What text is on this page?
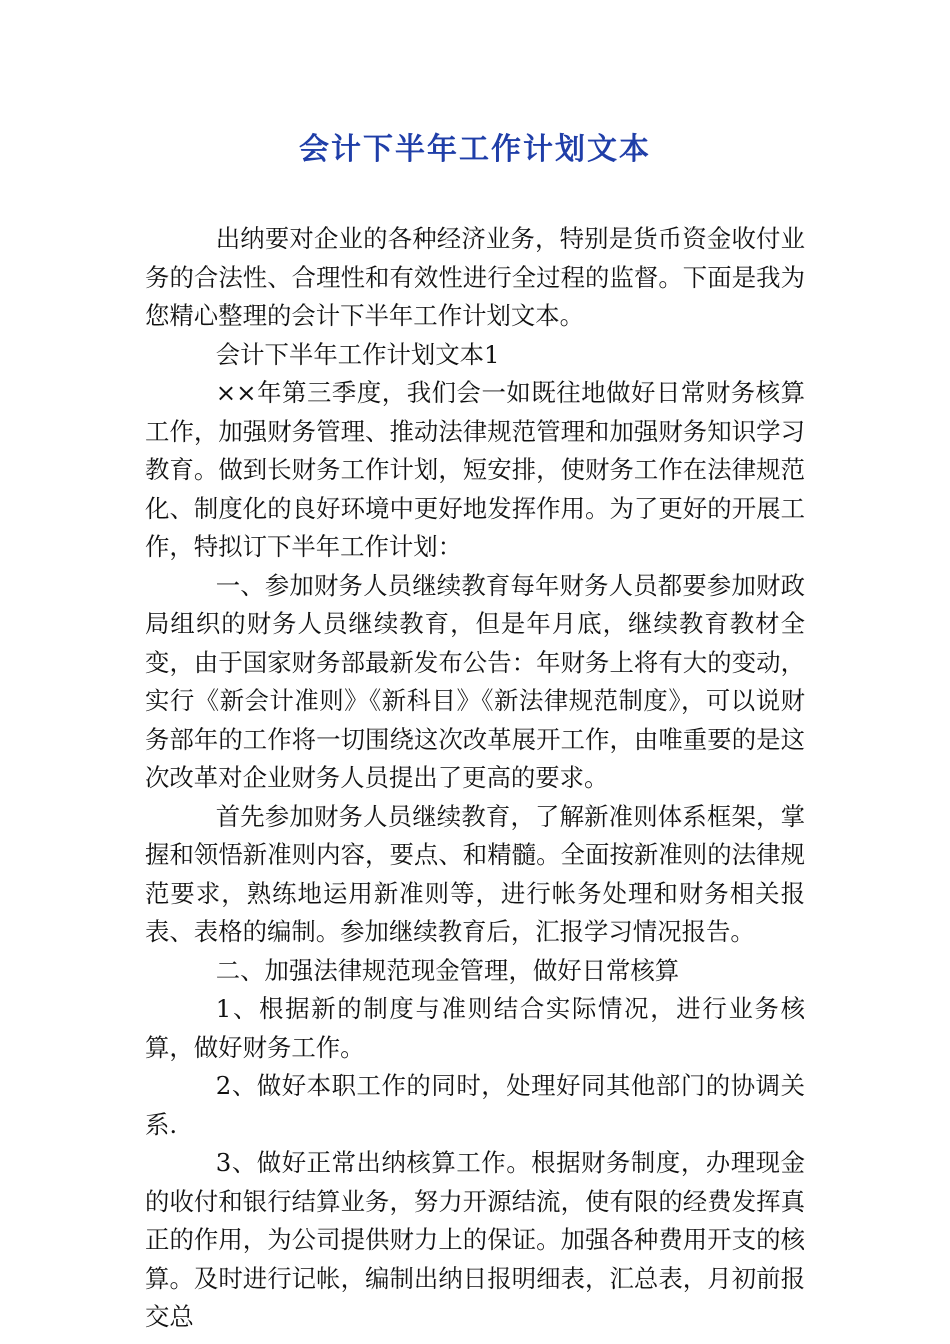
会计下半年工作计划文本

出纳要对企业的各种经济业务，特别是货币资金收付业务的合法性、合理性和有效性进行全过程的监督。下面是我为您精心整理的会计下半年工作计划文本。

会计下半年工作计划文本1

××年第三季度，我们会一如既往地做好日常财务核算工作，加强财务管理、推动法律规范管理和加强财务知识学习教育。做到长财务工作计划，短安排，使财务工作在法律规范化、制度化的良好环境中更好地发挥作用。为了更好的开展工作，特拟订下半年工作计划：

一、参加财务人员继续教育每年财务人员都要参加财政局组织的财务人员继续教育，但是年月底，继续教育教材全变，由于国家财务部最新发布公告：年财务上将有大的变动，实行《新会计准则》《新科目》《新法律规范制度》，可以说财务部年的工作将一切围绕这次改革展开工作，由唯重要的是这次改革对企业财务人员提出了更高的要求。

首先参加财务人员继续教育，了解新准则体系框架，掌握和领悟新准则内容，要点、和精髓。全面按新准则的法律规范要求，熟练地运用新准则等，进行帐务处理和财务相关报表、表格的编制。参加继续教育后，汇报学习情况报告。

二、加强法律规范现金管理，做好日常核算

1、根据新的制度与准则结合实际情况，进行业务核算，做好财务工作。

2、做好本职工作的同时，处理好同其他部门的协调关系.

3、做好正常出纳核算工作。根据财务制度，办理现金的收付和银行结算业务，努力开源结流，使有限的经费发挥真正的作用，为公司提供财力上的保证。加强各种费用开支的核算。及时进行记帐，编制出纳日报明细表，汇总表，月初前报交总
